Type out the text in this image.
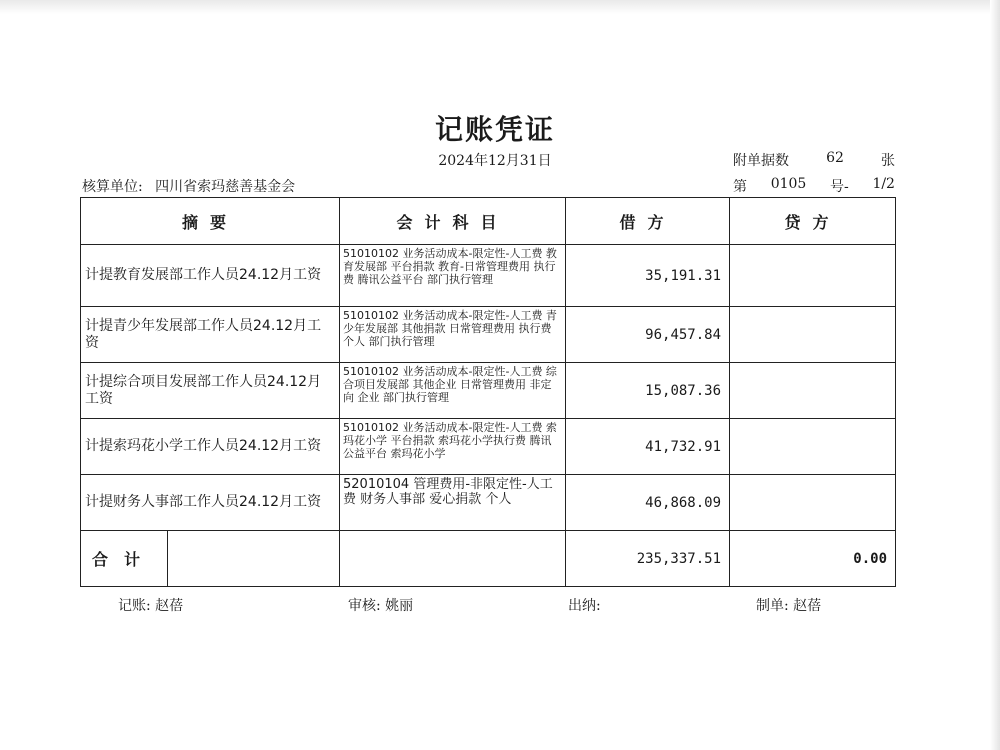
记账凭证
2024年12月31日	附单据数	62	张
核算单位: 四川省索玛慈善基金会	第 0105 号- 1/2
摘要		会计科目	借方	贷方
计提教育发展部工作人员24.12月工资		51010102 业务活动成本-限定性-人工费 教育发展部 平台捐款 教育-日常管理费用 执行费 腾讯公益平台 部门执行管理	35,191.31	
计提青少年发展部工作人员24.12月工资		51010102 业务活动成本-限定性-人工费 青少年发展部 其他捐款 日常管理费用 执行费 个人 部门执行管理	96,457.84	
计提综合项目发展部工作人员24.12月工资		51010102 业务活动成本-限定性-人工费 综合项目发展部 其他企业 日常管理费用 非定向 企业 部门执行管理	15,087.36	
计提索玛花小学工作人员24.12月工资		51010102 业务活动成本-限定性-人工费 索玛花小学 平台捐款 索玛花小学执行费 腾讯公益平台 索玛花小学	41,732.91	
计提财务人事部工作人员24.12月工资		52010104 管理费用-非限定性-人工费 财务人事部 爱心捐款 个人	46,868.09	
合计			235,337.51	0.00
记账: 赵蓓	审核: 姚丽	出纳:	制单: 赵蓓
